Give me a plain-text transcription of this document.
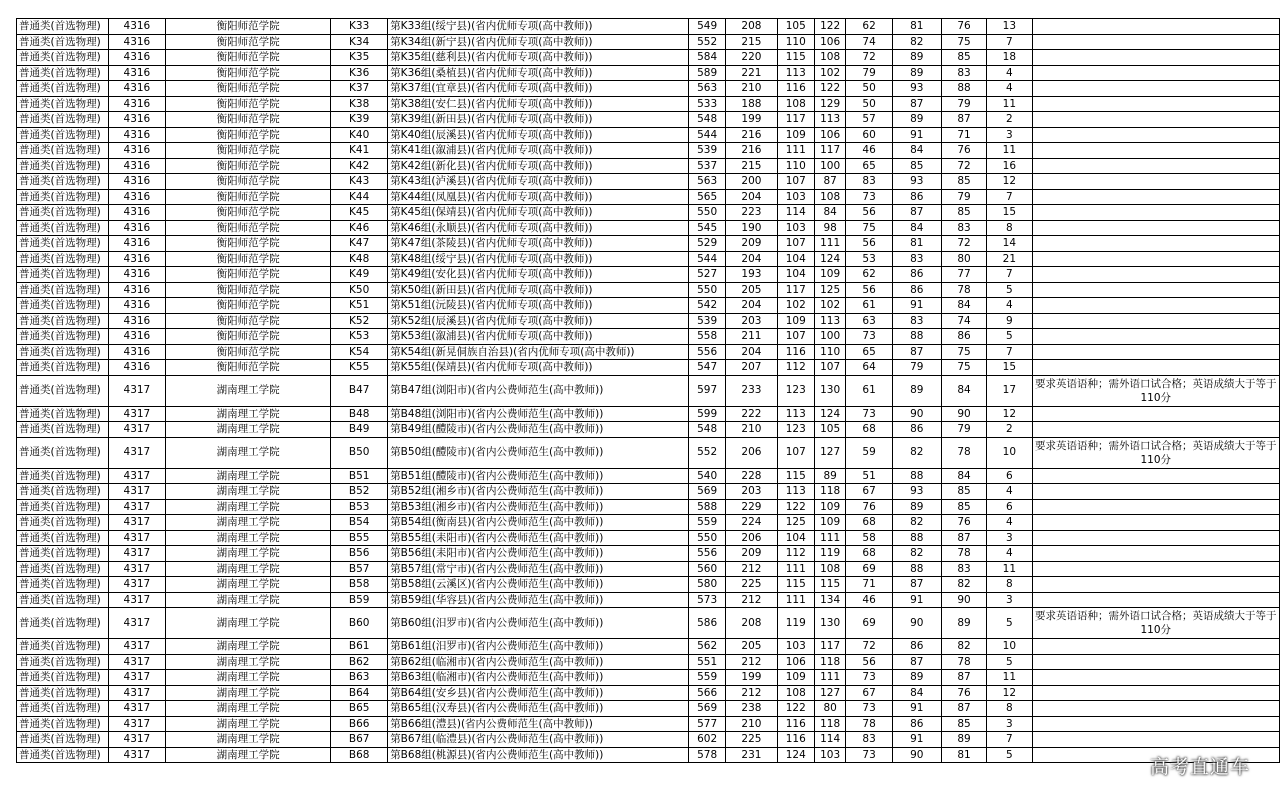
普通类(首选物理)	4316	衡阳师范学院	K33	第K33组(绥宁县)(省内优师专项(高中教师))	549	208	105	122	62	81	76	13	
普通类(首选物理)	4316	衡阳师范学院	K34	第K34组(新宁县)(省内优师专项(高中教师))	552	215	110	106	74	82	75	7	
普通类(首选物理)	4316	衡阳师范学院	K35	第K35组(慈利县)(省内优师专项(高中教师))	584	220	115	108	72	89	85	18	
普通类(首选物理)	4316	衡阳师范学院	K36	第K36组(桑植县)(省内优师专项(高中教师))	589	221	113	102	79	89	83	4	
普通类(首选物理)	4316	衡阳师范学院	K37	第K37组(宜章县)(省内优师专项(高中教师))	563	210	116	122	50	93	88	4	
普通类(首选物理)	4316	衡阳师范学院	K38	第K38组(安仁县)(省内优师专项(高中教师))	533	188	108	129	50	87	79	11	
普通类(首选物理)	4316	衡阳师范学院	K39	第K39组(新田县)(省内优师专项(高中教师))	548	199	117	113	57	89	87	2	
普通类(首选物理)	4316	衡阳师范学院	K40	第K40组(辰溪县)(省内优师专项(高中教师))	544	216	109	106	60	91	71	3	
普通类(首选物理)	4316	衡阳师范学院	K41	第K41组(溆浦县)(省内优师专项(高中教师))	539	216	111	117	46	84	76	11	
普通类(首选物理)	4316	衡阳师范学院	K42	第K42组(新化县)(省内优师专项(高中教师))	537	215	110	100	65	85	72	16	
普通类(首选物理)	4316	衡阳师范学院	K43	第K43组(泸溪县)(省内优师专项(高中教师))	563	200	107	87	83	93	85	12	
普通类(首选物理)	4316	衡阳师范学院	K44	第K44组(凤凰县)(省内优师专项(高中教师))	565	204	103	108	73	86	79	7	
普通类(首选物理)	4316	衡阳师范学院	K45	第K45组(保靖县)(省内优师专项(高中教师))	550	223	114	84	56	87	85	15	
普通类(首选物理)	4316	衡阳师范学院	K46	第K46组(永顺县)(省内优师专项(高中教师))	545	190	103	98	75	84	83	8	
普通类(首选物理)	4316	衡阳师范学院	K47	第K47组(茶陵县)(省内优师专项(高中教师))	529	209	107	111	56	81	72	14	
普通类(首选物理)	4316	衡阳师范学院	K48	第K48组(绥宁县)(省内优师专项(高中教师))	544	204	104	124	53	83	80	21	
普通类(首选物理)	4316	衡阳师范学院	K49	第K49组(安化县)(省内优师专项(高中教师))	527	193	104	109	62	86	77	7	
普通类(首选物理)	4316	衡阳师范学院	K50	第K50组(新田县)(省内优师专项(高中教师))	550	205	117	125	56	86	78	5	
普通类(首选物理)	4316	衡阳师范学院	K51	第K51组(沅陵县)(省内优师专项(高中教师))	542	204	102	102	61	91	84	4	
普通类(首选物理)	4316	衡阳师范学院	K52	第K52组(辰溪县)(省内优师专项(高中教师))	539	203	109	113	63	83	74	9	
普通类(首选物理)	4316	衡阳师范学院	K53	第K53组(溆浦县)(省内优师专项(高中教师))	558	211	107	100	73	88	86	5	
普通类(首选物理)	4316	衡阳师范学院	K54	第K54组(新晃侗族自治县)(省内优师专项(高中教师))	556	204	116	110	65	87	75	7	
普通类(首选物理)	4316	衡阳师范学院	K55	第K55组(保靖县)(省内优师专项(高中教师))	547	207	112	107	64	79	75	15	
普通类(首选物理)	4317	湖南理工学院	B47	第B47组(浏阳市)(省内公费师范生(高中教师))	597	233	123	130	61	89	84	17	要求英语语种；需外语口试合格；英语成绩大于等于110分
普通类(首选物理)	4317	湖南理工学院	B48	第B48组(浏阳市)(省内公费师范生(高中教师))	599	222	113	124	73	90	90	12	
普通类(首选物理)	4317	湖南理工学院	B49	第B49组(醴陵市)(省内公费师范生(高中教师))	548	210	123	105	68	86	79	2	
普通类(首选物理)	4317	湖南理工学院	B50	第B50组(醴陵市)(省内公费师范生(高中教师))	552	206	107	127	59	82	78	10	要求英语语种；需外语口试合格；英语成绩大于等于110分
普通类(首选物理)	4317	湖南理工学院	B51	第B51组(醴陵市)(省内公费师范生(高中教师))	540	228	115	89	51	88	84	6	
普通类(首选物理)	4317	湖南理工学院	B52	第B52组(湘乡市)(省内公费师范生(高中教师))	569	203	113	118	67	93	85	4	
普通类(首选物理)	4317	湖南理工学院	B53	第B53组(湘乡市)(省内公费师范生(高中教师))	588	229	122	109	76	89	85	6	
普通类(首选物理)	4317	湖南理工学院	B54	第B54组(衡南县)(省内公费师范生(高中教师))	559	224	125	109	68	82	76	4	
普通类(首选物理)	4317	湖南理工学院	B55	第B55组(耒阳市)(省内公费师范生(高中教师))	550	206	104	111	58	88	87	3	
普通类(首选物理)	4317	湖南理工学院	B56	第B56组(耒阳市)(省内公费师范生(高中教师))	556	209	112	119	68	82	78	4	
普通类(首选物理)	4317	湖南理工学院	B57	第B57组(常宁市)(省内公费师范生(高中教师))	560	212	111	108	69	88	83	11	
普通类(首选物理)	4317	湖南理工学院	B58	第B58组(云溪区)(省内公费师范生(高中教师))	580	225	115	115	71	87	82	8	
普通类(首选物理)	4317	湖南理工学院	B59	第B59组(华容县)(省内公费师范生(高中教师))	573	212	111	134	46	91	90	3	
普通类(首选物理)	4317	湖南理工学院	B60	第B60组(汨罗市)(省内公费师范生(高中教师))	586	208	119	130	69	90	89	5	要求英语语种；需外语口试合格；英语成绩大于等于110分
普通类(首选物理)	4317	湖南理工学院	B61	第B61组(汨罗市)(省内公费师范生(高中教师))	562	205	103	117	72	86	82	10	
普通类(首选物理)	4317	湖南理工学院	B62	第B62组(临湘市)(省内公费师范生(高中教师))	551	212	106	118	56	87	78	5	
普通类(首选物理)	4317	湖南理工学院	B63	第B63组(临湘市)(省内公费师范生(高中教师))	559	199	109	111	73	89	87	11	
普通类(首选物理)	4317	湖南理工学院	B64	第B64组(安乡县)(省内公费师范生(高中教师))	566	212	108	127	67	84	76	12	
普通类(首选物理)	4317	湖南理工学院	B65	第B65组(汉寿县)(省内公费师范生(高中教师))	569	238	122	80	73	91	87	8	
普通类(首选物理)	4317	湖南理工学院	B66	第B66组(澧县)(省内公费师范生(高中教师))	577	210	116	118	78	86	85	3	
普通类(首选物理)	4317	湖南理工学院	B67	第B67组(临澧县)(省内公费师范生(高中教师))	602	225	116	114	83	91	89	7	
普通类(首选物理)	4317	湖南理工学院	B68	第B68组(桃源县)(省内公费师范生(高中教师))	578	231	124	103	73	90	81	5	
高考直通车
